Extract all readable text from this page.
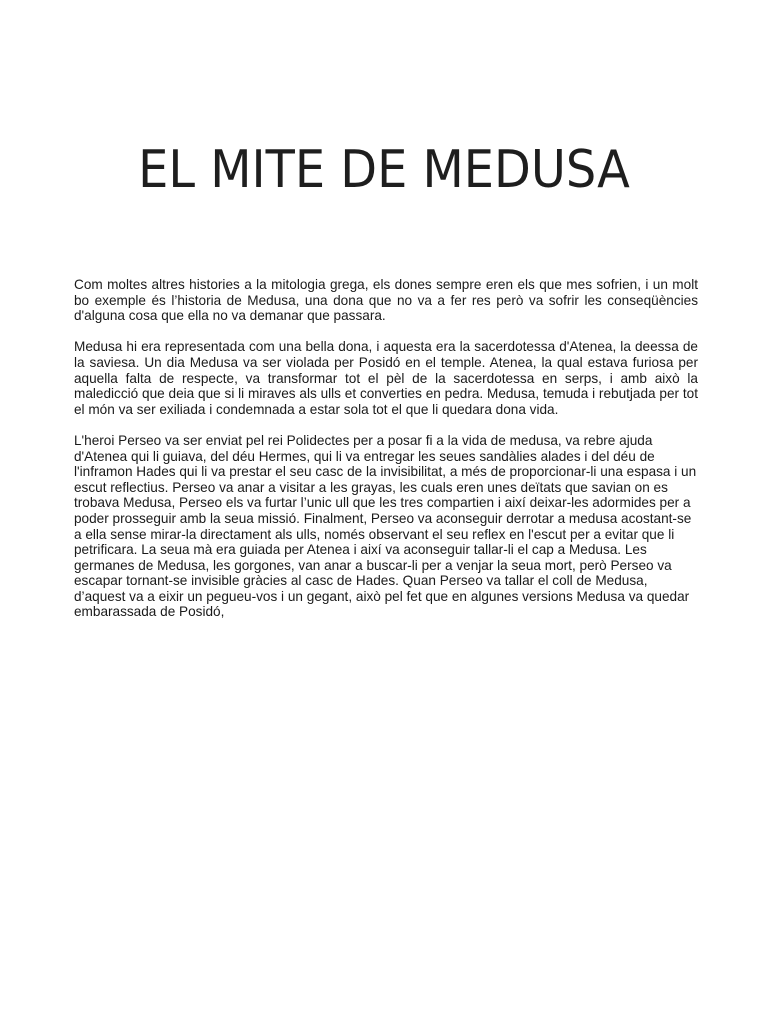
EL MITE DE MEDUSA

Com moltes altres histories a la mitologia grega, els dones sempre eren els que mes sofrien, i un molt bo exemple és l’historia de Medusa, una dona que no va a fer res però va sofrir les conseqüències d'alguna cosa que ella no va demanar que passara.

Medusa hi era representada com una bella dona, i aquesta era la sacerdotessa d'Atenea, la deessa de la saviesa. Un dia Medusa va ser violada per Posidó en el temple. Atenea, la qual estava furiosa per aquella falta de respecte, va transformar tot el pèl de la sacerdotessa en serps, i amb això la maledicció que deia que si li miraves als ulls et converties en pedra. Medusa, temuda i rebutjada per tot el món va ser exiliada i condemnada a estar sola tot el que li quedara dona vida.

L'heroi Perseo va ser enviat pel rei Polidectes per a posar fi a la vida de medusa, va rebre ajuda d'Atenea qui li guiava, del déu Hermes, qui li va entregar les seues sandàlies alades i del déu de l'inframon Hades qui li va prestar el seu casc de la invisibilitat, a més de proporcionar-li una espasa i un escut reflectius. Perseo va anar a visitar a les grayas, les cuals eren unes deïtats que savian on es trobava Medusa, Perseo els va furtar l’unic ull que les tres compartien i així deixar-les adormides per a poder prosseguir amb la seua missió. Finalment, Perseo va aconseguir derrotar a medusa acostant-se a ella sense mirar-la directament als ulls, només observant el seu reflex en l'escut per a evitar que li petrificara. La seua mà era guiada per Atenea i així va aconseguir tallar-li el cap a Medusa. Les germanes de Medusa, les gorgones, van anar a buscar-li per a venjar la seua mort, però Perseo va escapar tornant-se invisible gràcies al casc de Hades. Quan Perseo va tallar el coll de Medusa, d’aquest va a eixir un pegueu-vos i un gegant, això pel fet que en algunes versions Medusa va quedar embarassada de Posidó,
